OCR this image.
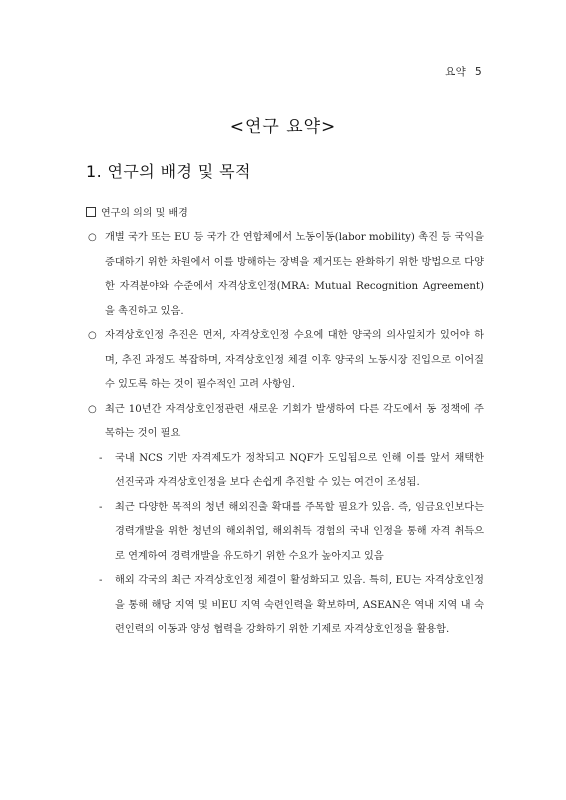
요약 5
<연구 요약>
1. 연구의 배경 및 목적
연구의 의의 및 배경

○ 개별 국가 또는 EU 등 국가 간 연합체에서 노동이동(labor mobility) 촉진 등 국익을 증대하기 위한 차원에서 이를 방해하는 장벽을 제거또는 완화하기 위한 방법으로 다양한 자격분야와 수준에서 자격상호인정(MRA: Mutual Recognition Agreement)을 촉진하고 있음.

○ 자격상호인정 추진은 먼저, 자격상호인정 수요에 대한 양국의 의사일치가 있어야 하며, 추진 과정도 복잡하며, 자격상호인정 체결 이후 양국의 노동시장 진입으로 이어질 수 있도록 하는 것이 필수적인 고려 사항임.

○ 최근 10년간 자격상호인정관련 새로운 기회가 발생하여 다른 각도에서 동 정책에 주목하는 것이 필요

- 국내 NCS 기반 자격제도가 정착되고 NQF가 도입됨으로 인해 이를 앞서 채택한 선진국과 자격상호인정을 보다 손쉽게 추진할 수 있는 여건이 조성됨.

- 최근 다양한 목적의 청년 해외진출 확대를 주목할 필요가 있음. 즉, 임금요인보다는 경력개발을 위한 청년의 해외취업, 해외취득 경험의 국내 인정을 통해 자격 취득으로 연계하여 경력개발을 유도하기 위한 수요가 높아지고 있음

- 해외 각국의 최근 자격상호인정 체결이 활성화되고 있음. 특히, EU는 자격상호인정을 통해 해당 지역 및 비EU 지역 숙련인력을 확보하며, ASEAN은 역내 지역 내 숙련인력의 이동과 양성 협력을 강화하기 위한 기제로 자격상호인정을 활용함.
